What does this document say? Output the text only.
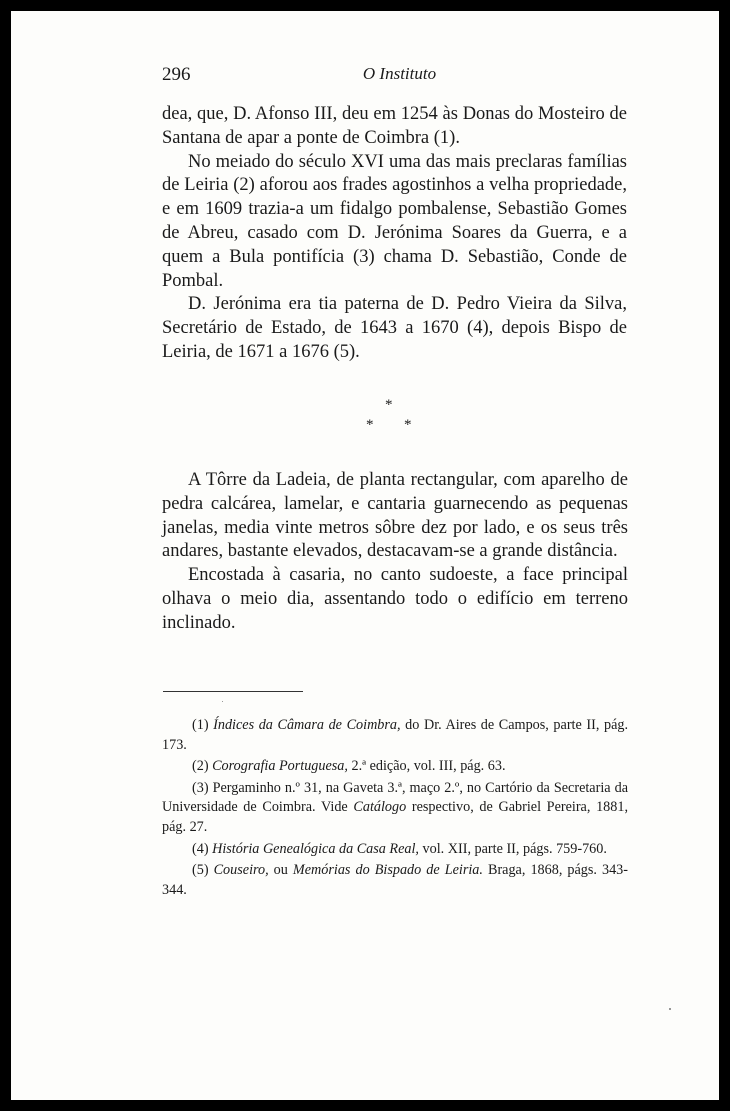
296	O Instituto

dea, que, D. Afonso III, deu em 1254 às Donas do Mosteiro de Santana de apar a ponte de Coimbra (1).

No meiado do século XVI uma das mais preclaras famílias de Leiria (2) aforou aos frades agostinhos a velha propriedade, e em 1609 trazia-a um fidalgo pombalense, Sebastião Gomes de Abreu, casado com D. Jerónima Soares da Guerra, e a quem a Bula pontifícia (3) chama D. Sebastião, Conde de Pombal.

D. Jerónima era tia paterna de D. Pedro Vieira da Silva, Secretário de Estado, de 1643 a 1670 (4), depois Bispo de Leiria, de 1671 a 1676 (5).

*
* *

A Tôrre da Ladeia, de planta rectangular, com aparelho de pedra calcárea, lamelar, e cantaria guarnecendo as pequenas janelas, media vinte metros sôbre dez por lado, e os seus três andares, bastante elevados, destacavam-se a grande distância.

Encostada à casaria, no canto sudoeste, a face principal olhava o meio dia, assentando todo o edifício em terreno inclinado.

(1) Índices da Câmara de Coimbra, do Dr. Aires de Campos, parte II, pág. 173.

(2) Corografia Portuguesa, 2.ª edição, vol. III, pág. 63.

(3) Pergaminho n.º 31, na Gaveta 3.ª, maço 2.º, no Cartório da Secretaria da Universidade de Coimbra. Vide Catálogo respectivo, de Gabriel Pereira, 1881, pág. 27.

(4) História Genealógica da Casa Real, vol. XII, parte II, págs. 759-760.

(5) Couseiro, ou Memórias do Bispado de Leiria. Braga, 1868, págs. 343-344.
